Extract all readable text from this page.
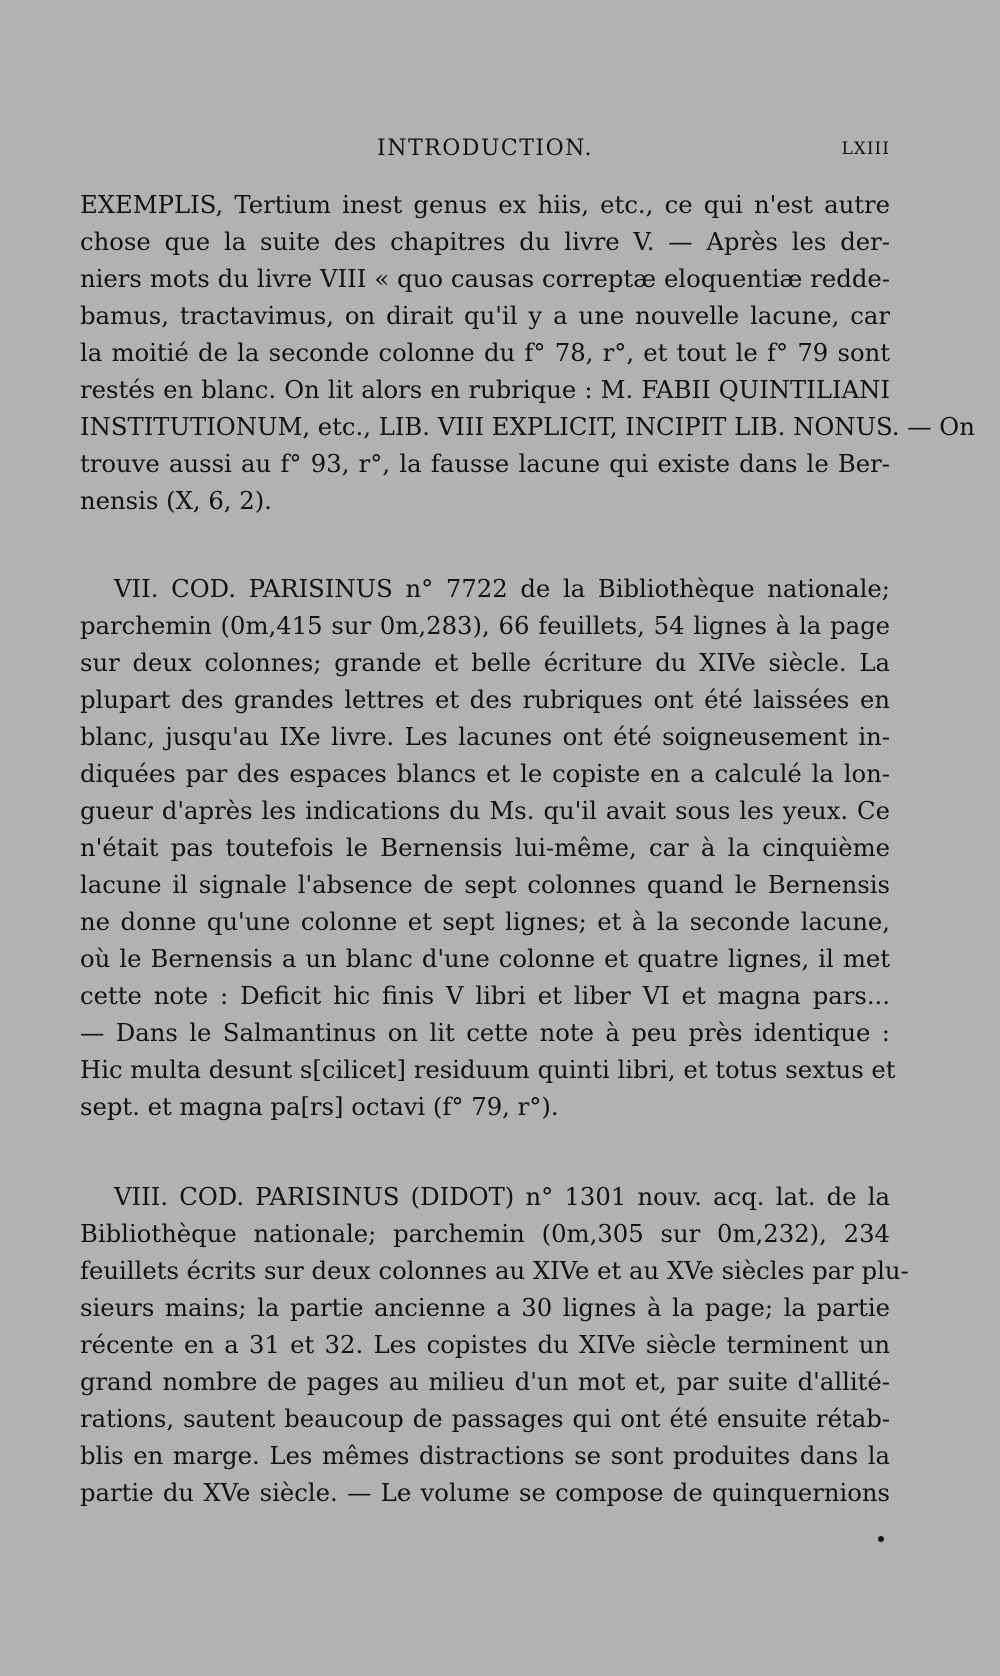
INTRODUCTION.	LXIII
EXEMPLIS, Tertium inest genus ex hiis, etc., ce qui n'est autre
chose que la suite des chapitres du livre V. — Après les der-
niers mots du livre VIII « quo causas correptæ eloquentiæ redde-
bamus, tractavimus, on dirait qu'il y a une nouvelle lacune, car
la moitié de la seconde colonne du f° 78, r°, et tout le f° 79 sont
restés en blanc. On lit alors en rubrique : M. FABII QUINTILIANI
INSTITUTIONUM, etc., LIB. VIII EXPLICIT, INCIPIT LIB. NONUS. — On
trouve aussi au f° 93, r°, la fausse lacune qui existe dans le Ber-
nensis (X, 6, 2).
VII. COD. PARISINUS n° 7722 de la Bibliothèque nationale;
parchemin (0m,415 sur 0m,283), 66 feuillets, 54 lignes à la page
sur deux colonnes; grande et belle écriture du XIVe siècle. La
plupart des grandes lettres et des rubriques ont été laissées en
blanc, jusqu'au IXe livre. Les lacunes ont été soigneusement in-
diquées par des espaces blancs et le copiste en a calculé la lon-
gueur d'après les indications du Ms. qu'il avait sous les yeux. Ce
n'était pas toutefois le Bernensis lui-même, car à la cinquième
lacune il signale l'absence de sept colonnes quand le Bernensis
ne donne qu'une colonne et sept lignes; et à la seconde lacune,
où le Bernensis a un blanc d'une colonne et quatre lignes, il met
cette note : Deficit hic finis V libri et liber VI et magna pars...
— Dans le Salmantinus on lit cette note à peu près identique :
Hic multa desunt s[cilicet] residuum quinti libri, et totus sextus et
sept. et magna pa[rs] octavi (f° 79, r°).
VIII. COD. PARISINUS (DIDOT) n° 1301 nouv. acq. lat. de la
Bibliothèque nationale; parchemin (0m,305 sur 0m,232), 234
feuillets écrits sur deux colonnes au XIVe et au XVe siècles par plu-
sieurs mains; la partie ancienne a 30 lignes à la page; la partie
récente en a 31 et 32. Les copistes du XIVe siècle terminent un
grand nombre de pages au milieu d'un mot et, par suite d'allité-
rations, sautent beaucoup de passages qui ont été ensuite rétab-
blis en marge. Les mêmes distractions se sont produites dans la
partie du XVe siècle. — Le volume se compose de quinquernions
